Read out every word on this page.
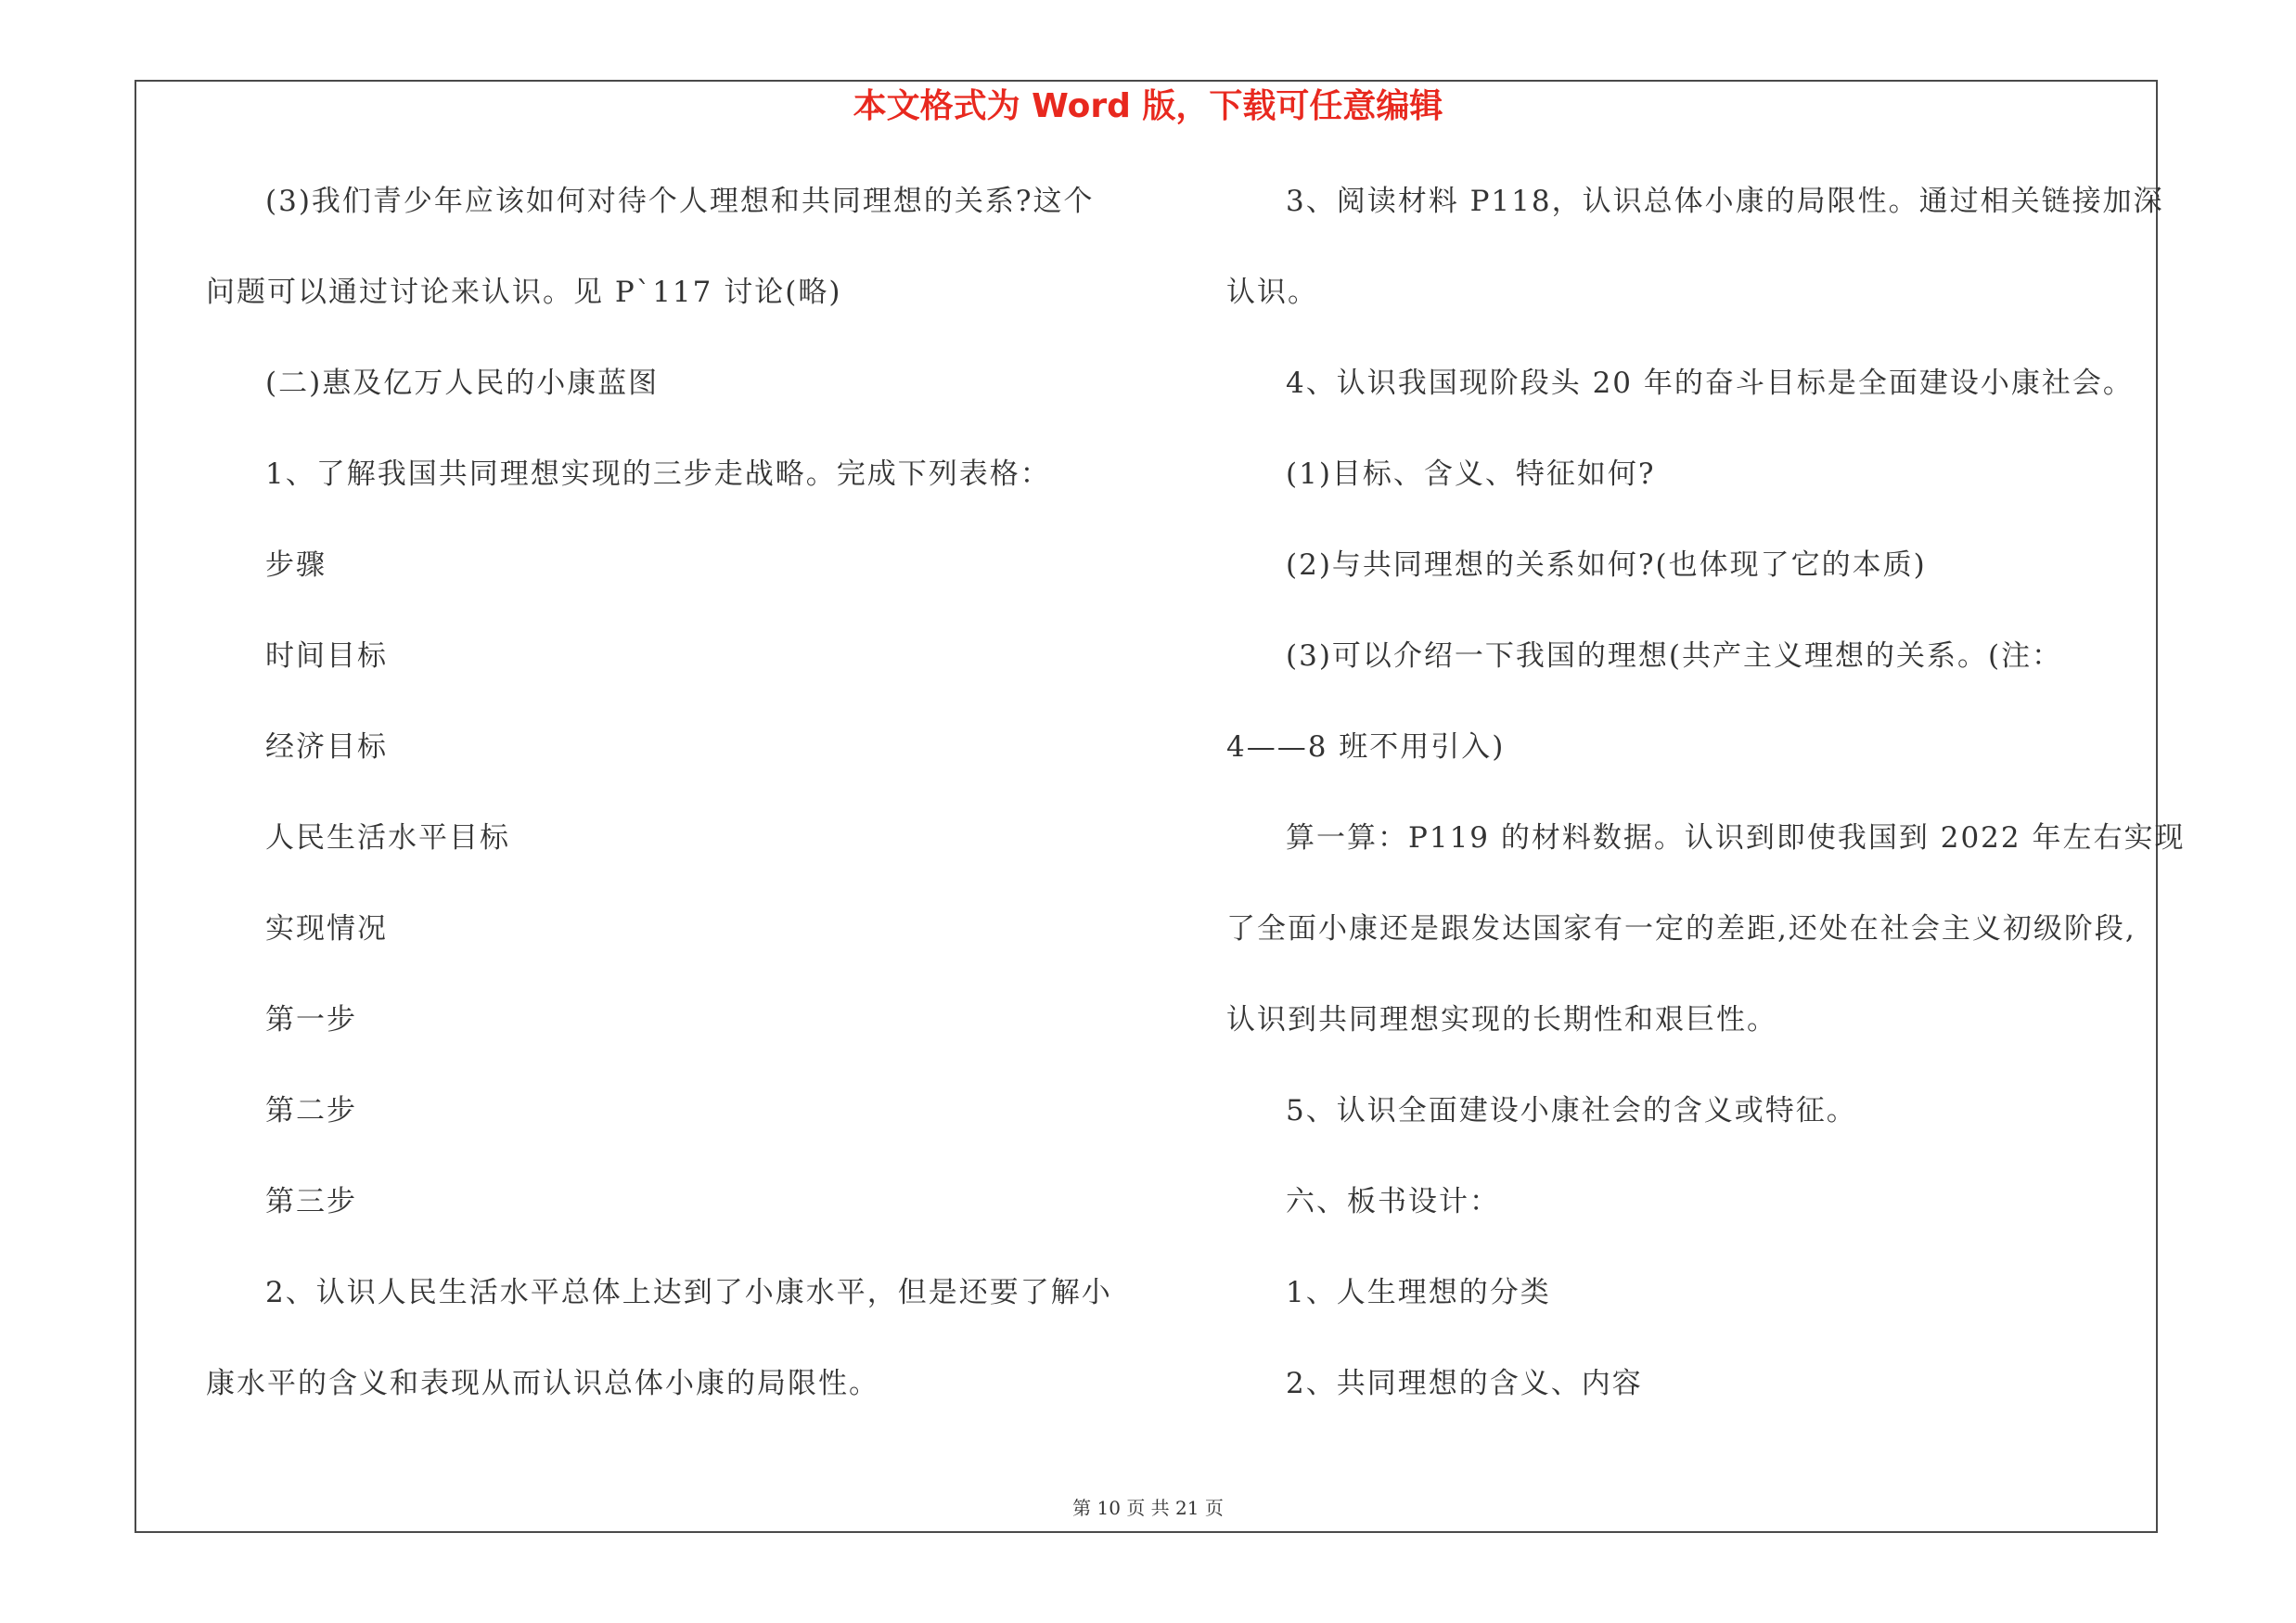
本文格式为 Word 版，下载可任意编辑
(3)我们青少年应该如何对待个人理想和共同理想的关系?这个
问题可以通过讨论来认识。见 P`117 讨论(略)
(二)惠及亿万人民的小康蓝图
1、了解我国共同理想实现的三步走战略。完成下列表格：
步骤
时间目标
经济目标
人民生活水平目标
实现情况
第一步
第二步
第三步
2、认识人民生活水平总体上达到了小康水平，但是还要了解小
康水平的含义和表现从而认识总体小康的局限性。
3、阅读材料 P118，认识总体小康的局限性。通过相关链接加深
认识。
4、认识我国现阶段头 20 年的奋斗目标是全面建设小康社会。
(1)目标、含义、特征如何?
(2)与共同理想的关系如何?(也体现了它的本质)
(3)可以介绍一下我国的理想(共产主义理想的关系。(注：
4——8 班不用引入)
算一算：P119 的材料数据。认识到即使我国到 2022 年左右实现
了全面小康还是跟发达国家有一定的差距,还处在社会主义初级阶段,
认识到共同理想实现的长期性和艰巨性。
5、认识全面建设小康社会的含义或特征。
六、板书设计：
1、人生理想的分类
2、共同理想的含义、内容
第 10 页 共 21 页
